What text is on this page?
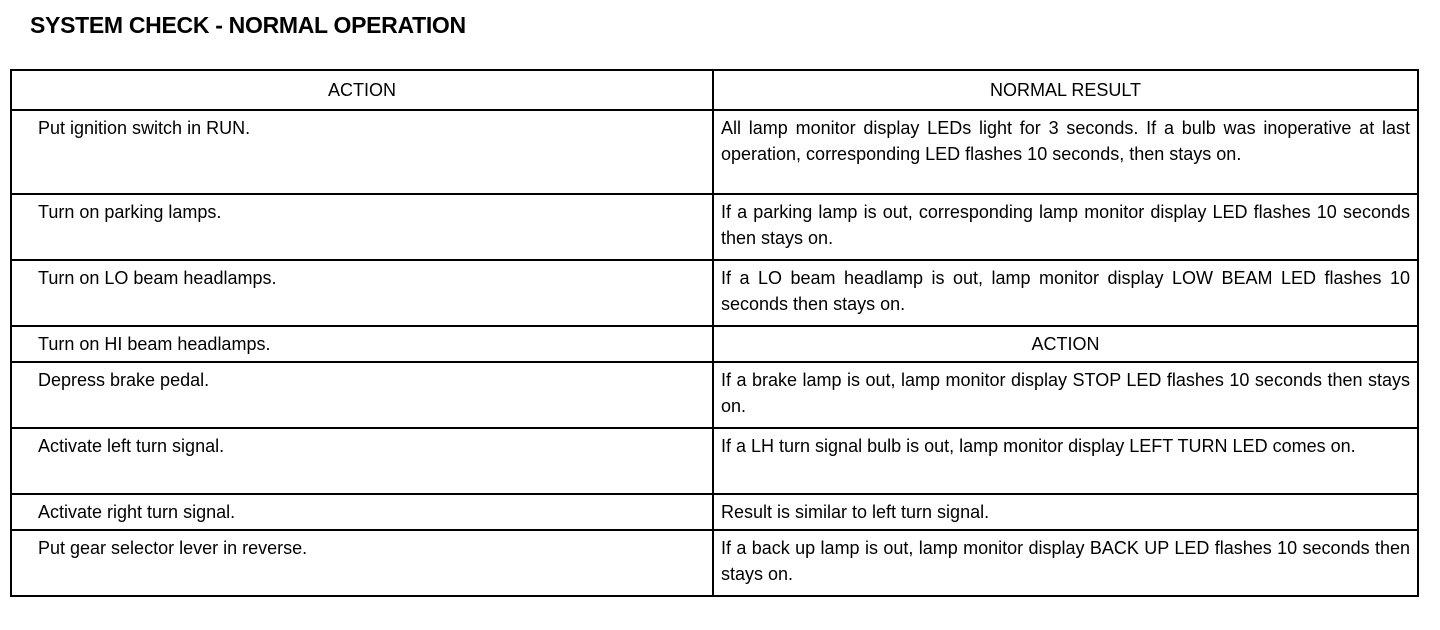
SYSTEM CHECK - NORMAL OPERATION
ACTION	NORMAL RESULT
Put ignition switch in RUN.	All lamp monitor display LEDs light for 3 seconds. If a bulb was inoperative at last operation, corresponding LED flashes 10 seconds, then stays on.
Turn on parking lamps.	If a parking lamp is out, corresponding lamp monitor display LED flashes 10 seconds then stays on.
Turn on LO beam headlamps.	If a LO beam headlamp is out, lamp monitor display LOW BEAM LED flashes 10 seconds then stays on.
Turn on HI beam headlamps.	ACTION
Depress brake pedal.	If a brake lamp is out, lamp monitor display STOP LED flashes 10 seconds then stays on.
Activate left turn signal.	If a LH turn signal bulb is out, lamp monitor display LEFT TURN LED comes on.
Activate right turn signal.	Result is similar to left turn signal.
Put gear selector lever in reverse.	If a back up lamp is out, lamp monitor display BACK UP LED flashes 10 seconds then stays on.
